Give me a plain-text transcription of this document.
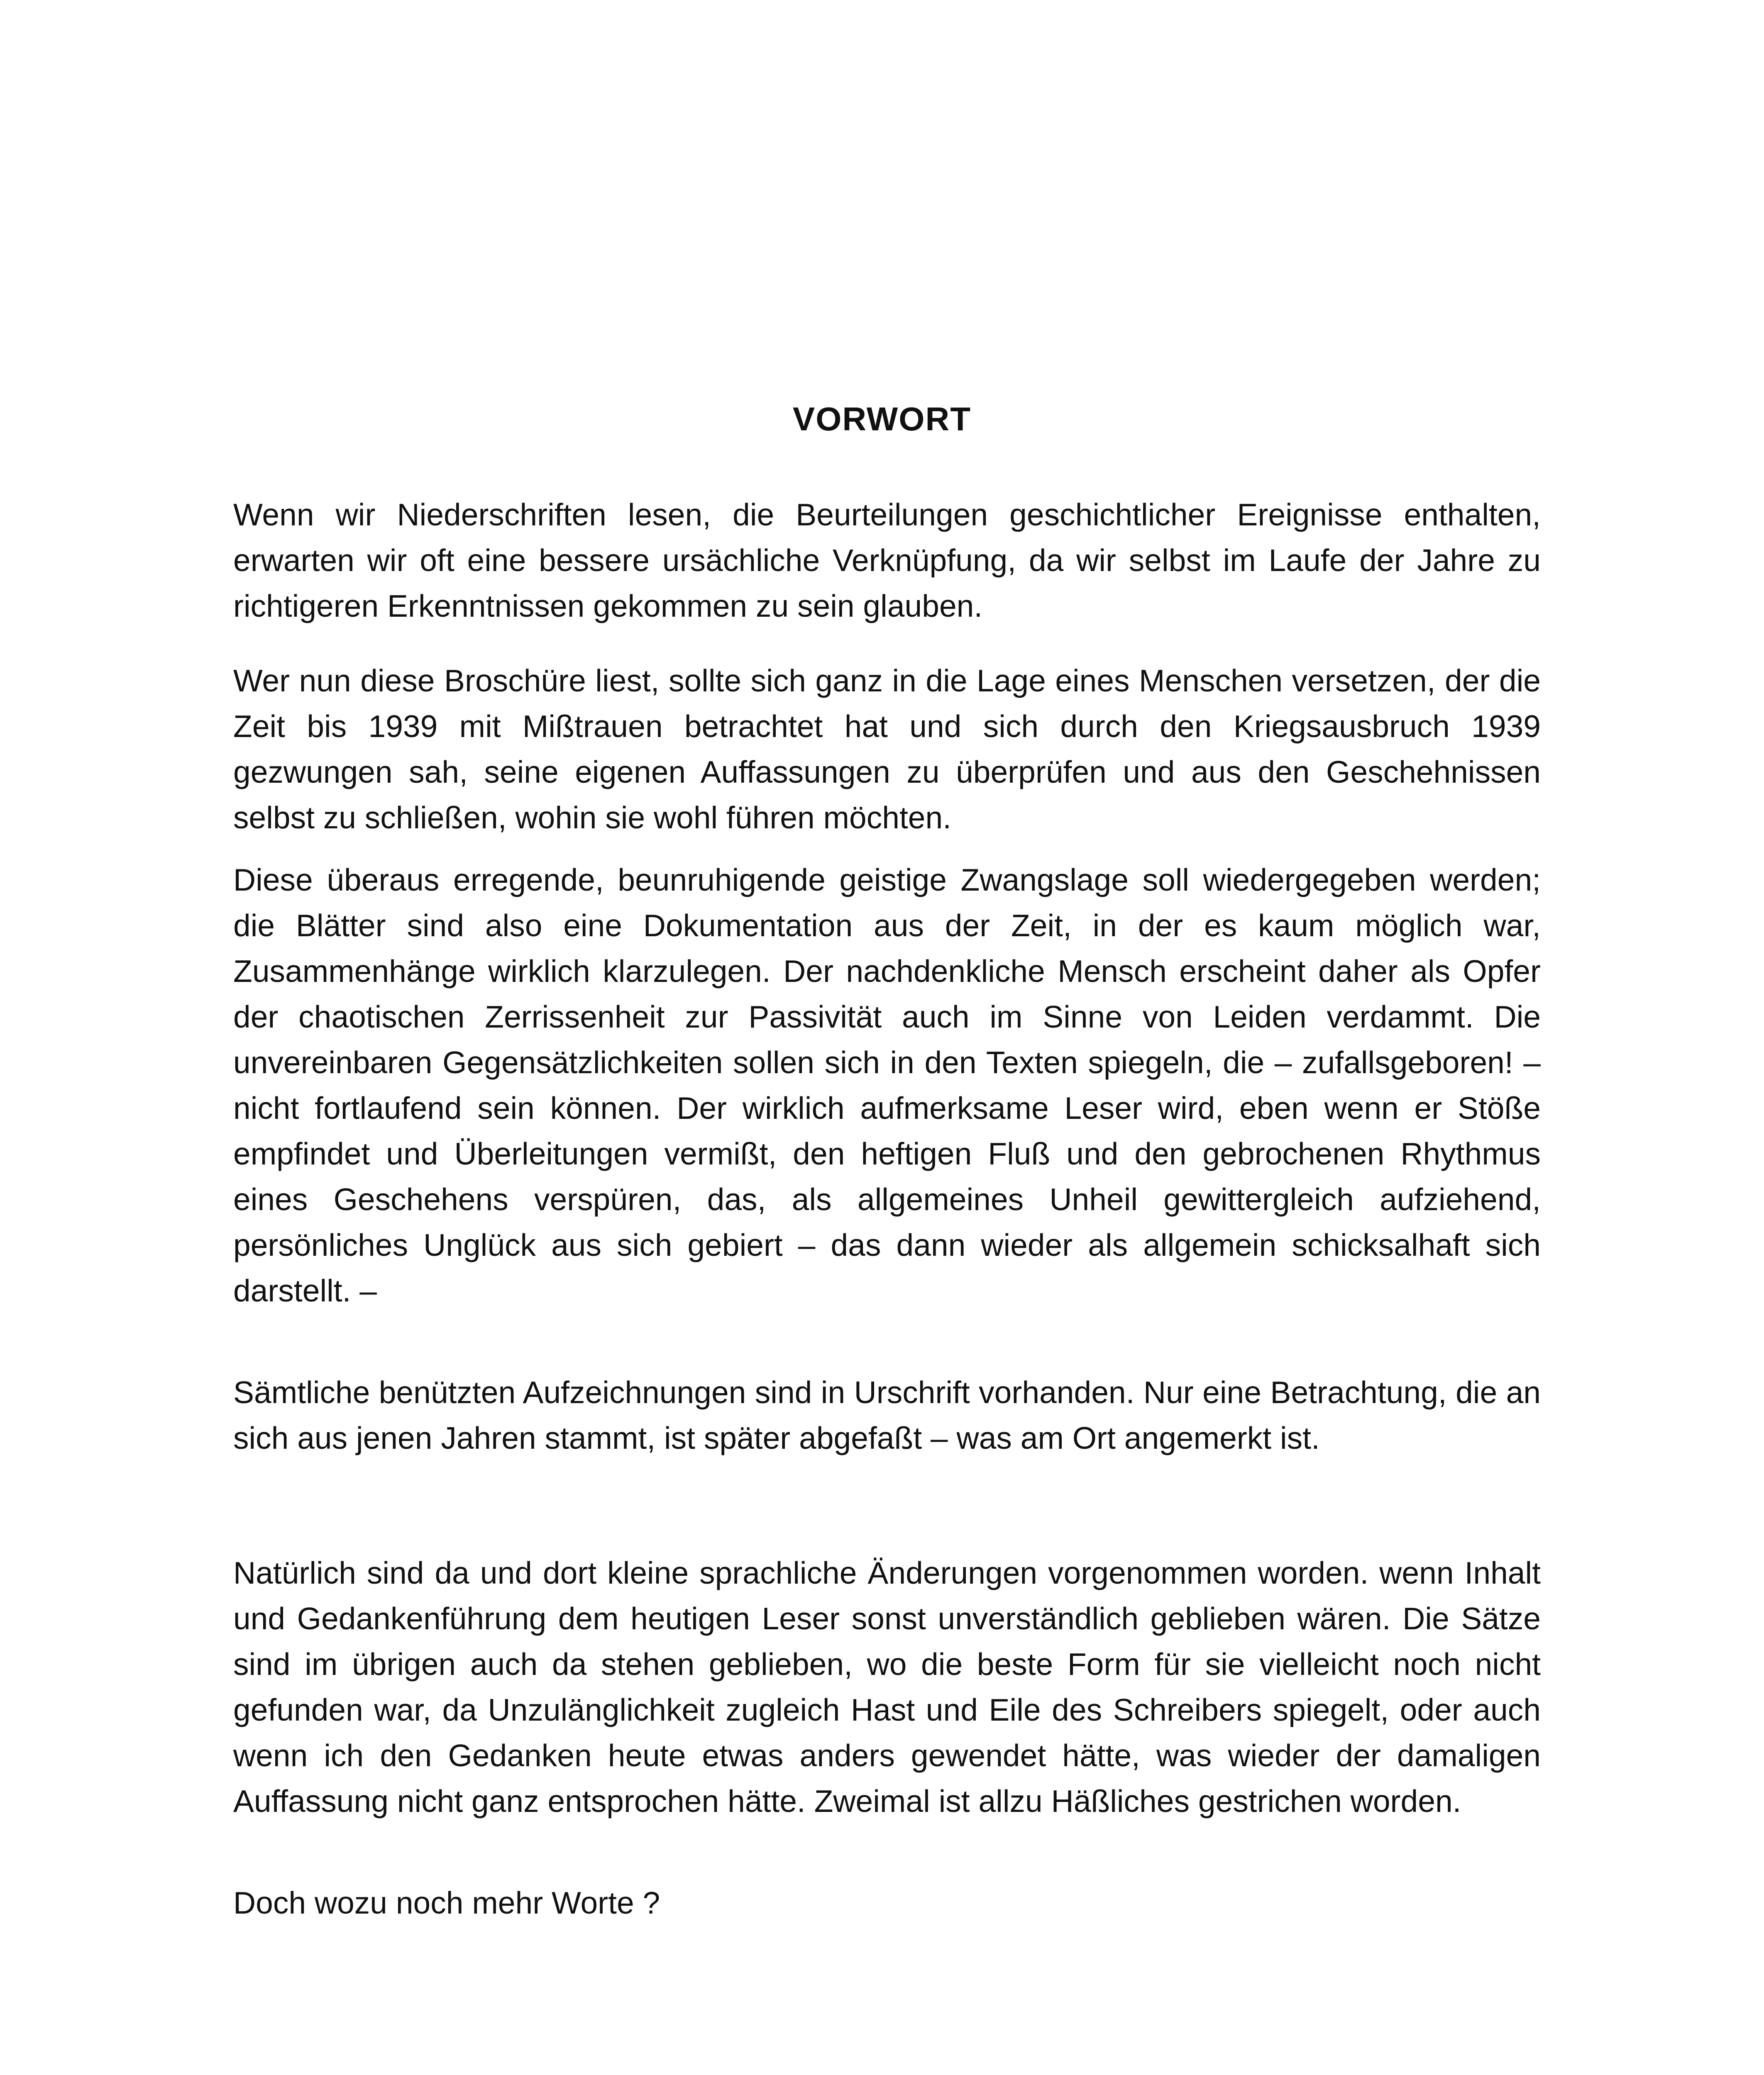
VORWORT

Wenn wir Niederschriften lesen, die Beurteilungen geschichtlicher Ereignisse enthalten, erwarten wir oft eine bessere ursächliche Verknüpfung, da wir selbst im Laufe der Jahre zu richtigeren Erkenntnissen gekommen zu sein glauben.

Wer nun diese Broschüre liest, sollte sich ganz in die Lage eines Menschen versetzen, der die Zeit bis 1939 mit Mißtrauen betrachtet hat und sich durch den Kriegsausbruch 1939 gezwungen sah, seine eigenen Auffassungen zu überprüfen und aus den Geschehnissen selbst zu schließen, wohin sie wohl führen möchten.

Diese überaus erregende, beunruhigende geistige Zwangslage soll wiedergegeben werden; die Blätter sind also eine Dokumentation aus der Zeit, in der es kaum möglich war, Zusammenhänge wirklich klarzulegen. Der nachdenkliche Mensch erscheint daher als Opfer der chaotischen Zerrissenheit zur Passivität auch im Sinne von Leiden verdammt. Die unvereinbaren Gegensätzlichkeiten sollen sich in den Texten spiegeln, die – zufallsgeboren! – nicht fortlaufend sein können. Der wirklich aufmerksame Leser wird, eben wenn er Stöße empfindet und Überleitungen vermißt, den heftigen Fluß und den gebrochenen Rhythmus eines Geschehens verspüren, das, als allgemeines Unheil gewittergleich aufziehend, persönliches Unglück aus sich gebiert – das dann wieder als allgemein schicksalhaft sich darstellt. –

Sämtliche benützten Aufzeichnungen sind in Urschrift vorhanden. Nur eine Betrachtung, die an sich aus jenen Jahren stammt, ist später abgefaßt – was am Ort angemerkt ist.

Natürlich sind da und dort kleine sprachliche Änderungen vorgenommen worden. wenn Inhalt und Gedankenführung dem heutigen Leser sonst unverständlich geblieben wären. Die Sätze sind im übrigen auch da stehen geblieben, wo die beste Form für sie vielleicht noch nicht gefunden war, da Unzulänglichkeit zugleich Hast und Eile des Schreibers spiegelt, oder auch wenn ich den Gedanken heute etwas anders gewendet hätte, was wieder der damaligen Auffassung nicht ganz entsprochen hätte. Zweimal ist allzu Häßliches gestrichen worden.

Doch wozu noch mehr Worte ?
